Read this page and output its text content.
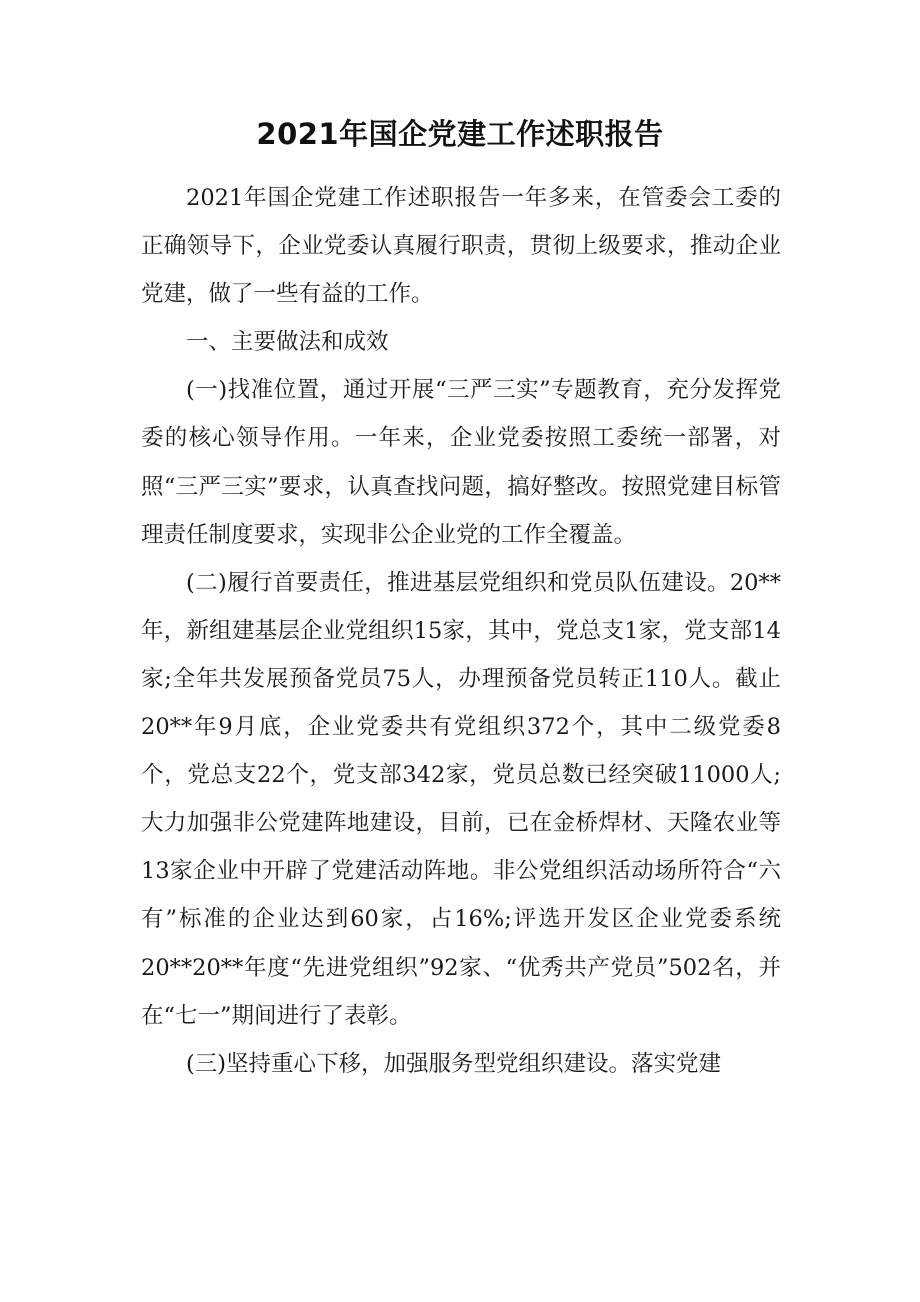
2021年国企党建工作述职报告

2021年国企党建工作述职报告一年多来，在管委会工委的正确领导下，企业党委认真履行职责，贯彻上级要求，推动企业党建，做了一些有益的工作。

一、主要做法和成效

(一)找准位置，通过开展“三严三实”专题教育，充分发挥党委的核心领导作用。一年来，企业党委按照工委统一部署，对照“三严三实”要求，认真查找问题，搞好整改。按照党建目标管理责任制度要求，实现非公企业党的工作全覆盖。

(二)履行首要责任，推进基层党组织和党员队伍建设。20**年，新组建基层企业党组织15家，其中，党总支1家，党支部14家;全年共发展预备党员75人，办理预备党员转正110人。截止20**年9月底，企业党委共有党组织372个，其中二级党委8个，党总支22个，党支部342家，党员总数已经突破11000人;大力加强非公党建阵地建设，目前，已在金桥焊材、天隆农业等13家企业中开辟了党建活动阵地。非公党组织活动场所符合“六有”标准的企业达到60家，占16%;评选开发区企业党委系统20**20**年度“先进党组织”92家、“优秀共产党员”502名，并在“七一”期间进行了表彰。

(三)坚持重心下移，加强服务型党组织建设。落实党建
